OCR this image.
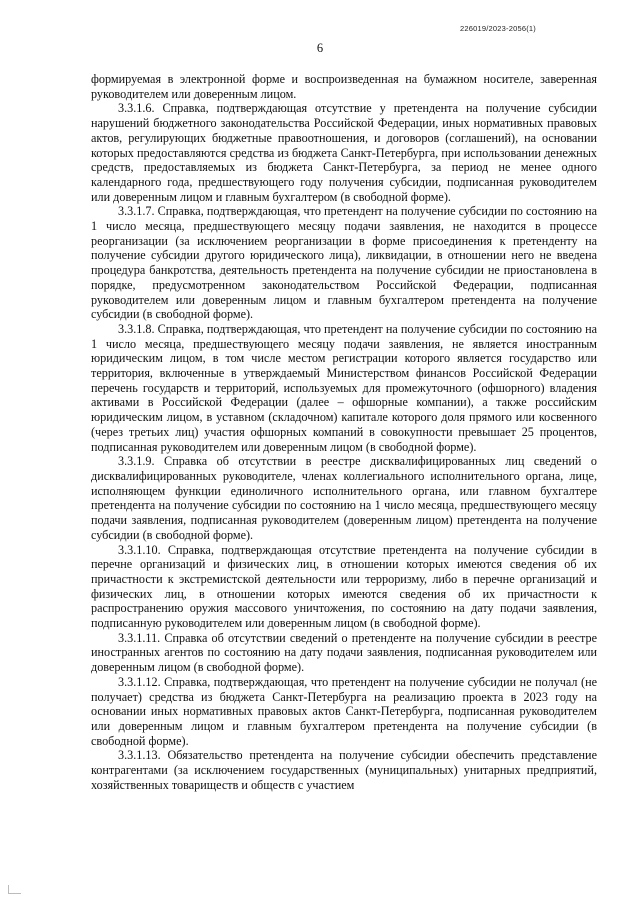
226019/2023-2056(1)
6

формируемая в электронной форме и воспроизведенная на бумажном носителе, заверенная руководителем или доверенным лицом.

3.3.1.6. Справка, подтверждающая отсутствие у претендента на получение субсидии нарушений бюджетного законодательства Российской Федерации, иных нормативных правовых актов, регулирующих бюджетные правоотношения, и договоров (соглашений), на основании которых предоставляются средства из бюджета Санкт-Петербурга, при использовании денежных средств, предоставляемых из бюджета Санкт-Петербурга, за период не менее одного календарного года, предшествующего году получения субсидии, подписанная руководителем или доверенным лицом и главным бухгалтером (в свободной форме).

3.3.1.7. Справка, подтверждающая, что претендент на получение субсидии по состоянию на 1 число месяца, предшествующего месяцу подачи заявления, не находится в процессе реорганизации (за исключением реорганизации в форме присоединения к претенденту на получение субсидии другого юридического лица), ликвидации, в отношении него не введена процедура банкротства, деятельность претендента на получение субсидии не приостановлена в порядке, предусмотренном законодательством Российской Федерации, подписанная руководителем или доверенным лицом и главным бухгалтером претендента на получение субсидии (в свободной форме).

3.3.1.8. Справка, подтверждающая, что претендент на получение субсидии по состоянию на 1 число месяца, предшествующего месяцу подачи заявления, не является иностранным юридическим лицом, в том числе местом регистрации которого является государство или территория, включенные в утверждаемый Министерством финансов Российской Федерации перечень государств и территорий, используемых для промежуточного (офшорного) владения активами в Российской Федерации (далее – офшорные компании), а также российским юридическим лицом, в уставном (складочном) капитале которого доля прямого или косвенного (через третьих лиц) участия офшорных компаний в совокупности превышает 25 процентов, подписанная руководителем или доверенным лицом (в свободной форме).

3.3.1.9. Справка об отсутствии в реестре дисквалифицированных лиц сведений о дисквалифицированных руководителе, членах коллегиального исполнительного органа, лице, исполняющем функции единоличного исполнительного органа, или главном бухгалтере претендента на получение субсидии по состоянию на 1 число месяца, предшествующего месяцу подачи заявления, подписанная руководителем (доверенным лицом) претендента на получение субсидии (в свободной форме).

3.3.1.10. Справка, подтверждающая отсутствие претендента на получение субсидии в перечне организаций и физических лиц, в отношении которых имеются сведения об их причастности к экстремистской деятельности или терроризму, либо в перечне организаций и физических лиц, в отношении которых имеются сведения об их причастности к распространению оружия массового уничтожения, по состоянию на дату подачи заявления, подписанную руководителем или доверенным лицом (в свободной форме).

3.3.1.11. Справка об отсутствии сведений о претенденте на получение субсидии в реестре иностранных агентов по состоянию на дату подачи заявления, подписанная руководителем или доверенным лицом (в свободной форме).

3.3.1.12. Справка, подтверждающая, что претендент на получение субсидии не получал (не получает) средства из бюджета Санкт-Петербурга на реализацию проекта в 2023 году на основании иных нормативных правовых актов Санкт-Петербурга, подписанная руководителем или доверенным лицом и главным бухгалтером претендента на получение субсидии (в свободной форме).

3.3.1.13. Обязательство претендента на получение субсидии обеспечить представление контрагентами (за исключением государственных (муниципальных) унитарных предприятий, хозяйственных товариществ и обществ с участием
